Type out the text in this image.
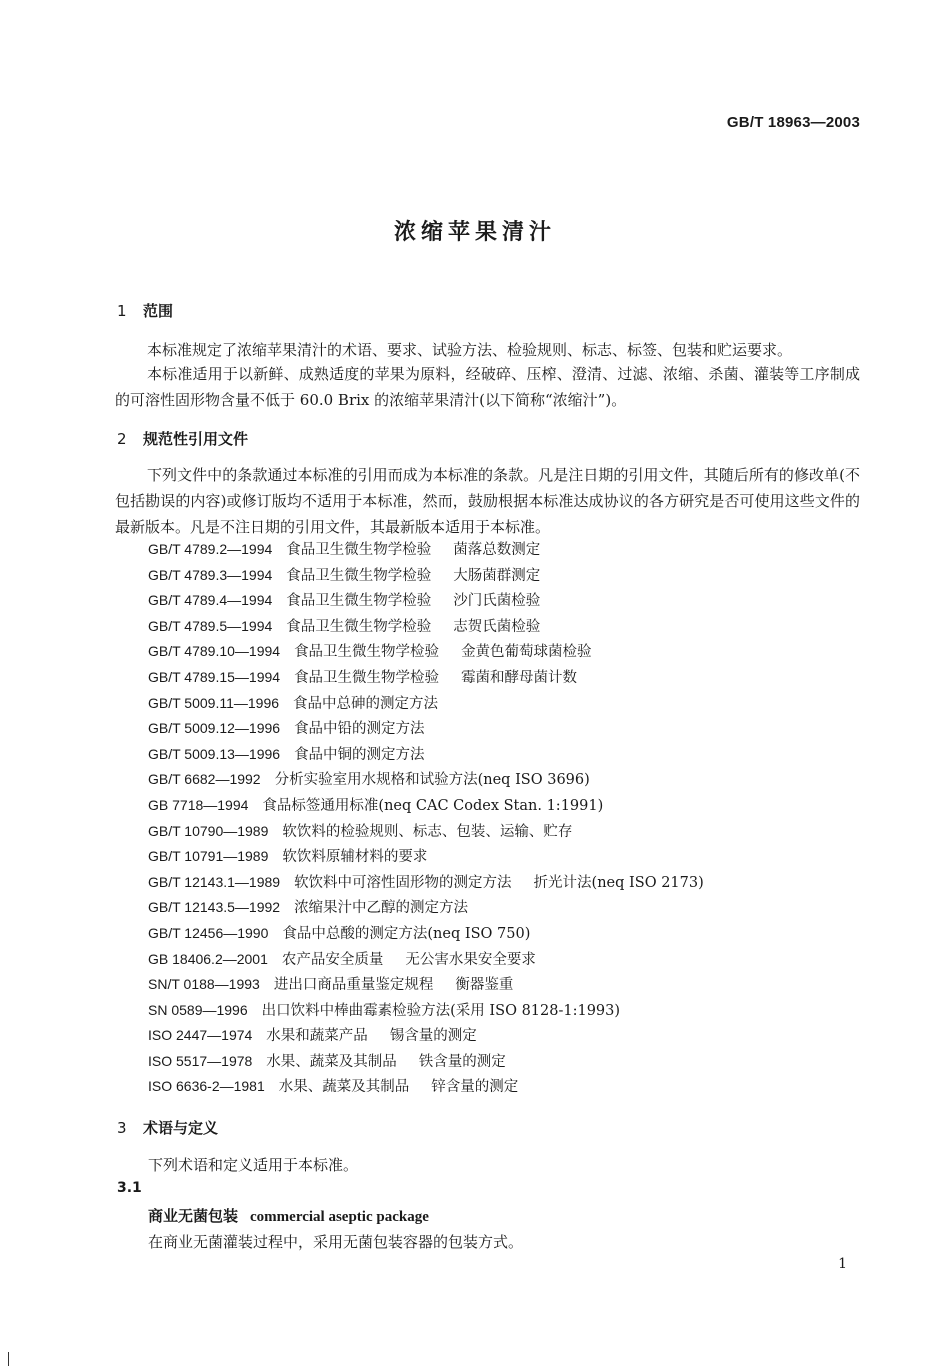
GB/T 18963—2003
浓缩苹果清汁
1 范围

本标准规定了浓缩苹果清汁的术语、要求、试验方法、检验规则、标志、标签、包装和贮运要求。

本标准适用于以新鲜、成熟适度的苹果为原料，经破碎、压榨、澄清、过滤、浓缩、杀菌、灌装等工序制成的可溶性固形物含量不低于 60.0 Brix 的浓缩苹果清汁(以下简称“浓缩汁”)。

2 规范性引用文件

下列文件中的条款通过本标准的引用而成为本标准的条款。凡是注日期的引用文件，其随后所有的修改单(不包括勘误的内容)或修订版均不适用于本标准，然而，鼓励根据本标准达成协议的各方研究是否可使用这些文件的最新版本。凡是不注日期的引用文件，其最新版本适用于本标准。

GB/T 4789.2—1994 食品卫生微生物学检验 菌落总数测定
GB/T 4789.3—1994 食品卫生微生物学检验 大肠菌群测定
GB/T 4789.4—1994 食品卫生微生物学检验 沙门氏菌检验
GB/T 4789.5—1994 食品卫生微生物学检验 志贺氏菌检验
GB/T 4789.10—1994 食品卫生微生物学检验 金黄色葡萄球菌检验
GB/T 4789.15—1994 食品卫生微生物学检验 霉菌和酵母菌计数
GB/T 5009.11—1996 食品中总砷的测定方法
GB/T 5009.12—1996 食品中铅的测定方法
GB/T 5009.13—1996 食品中铜的测定方法
GB/T 6682—1992 分析实验室用水规格和试验方法(neq ISO 3696)
GB 7718—1994 食品标签通用标准(neq CAC Codex Stan. 1:1991)
GB/T 10790—1989 软饮料的检验规则、标志、包装、运输、贮存
GB/T 10791—1989 软饮料原辅材料的要求
GB/T 12143.1—1989 软饮料中可溶性固形物的测定方法 折光计法(neq ISO 2173)
GB/T 12143.5—1992 浓缩果汁中乙醇的测定方法
GB/T 12456—1990 食品中总酸的测定方法(neq ISO 750)
GB 18406.2—2001 农产品安全质量 无公害水果安全要求
SN/T 0188—1993 进出口商品重量鉴定规程 衡器鉴重
SN 0589—1996 出口饮料中棒曲霉素检验方法(采用 ISO 8128-1:1993)
ISO 2447—1974 水果和蔬菜产品 锡含量的测定
ISO 5517—1978 水果、蔬菜及其制品 铁含量的测定
ISO 6636-2—1981 水果、蔬菜及其制品 锌含量的测定
3 术语与定义
下列术语和定义适用于本标准。
3.1
商业无菌包装 commercial aseptic package
在商业无菌灌装过程中，采用无菌包装容器的包装方式。
1
